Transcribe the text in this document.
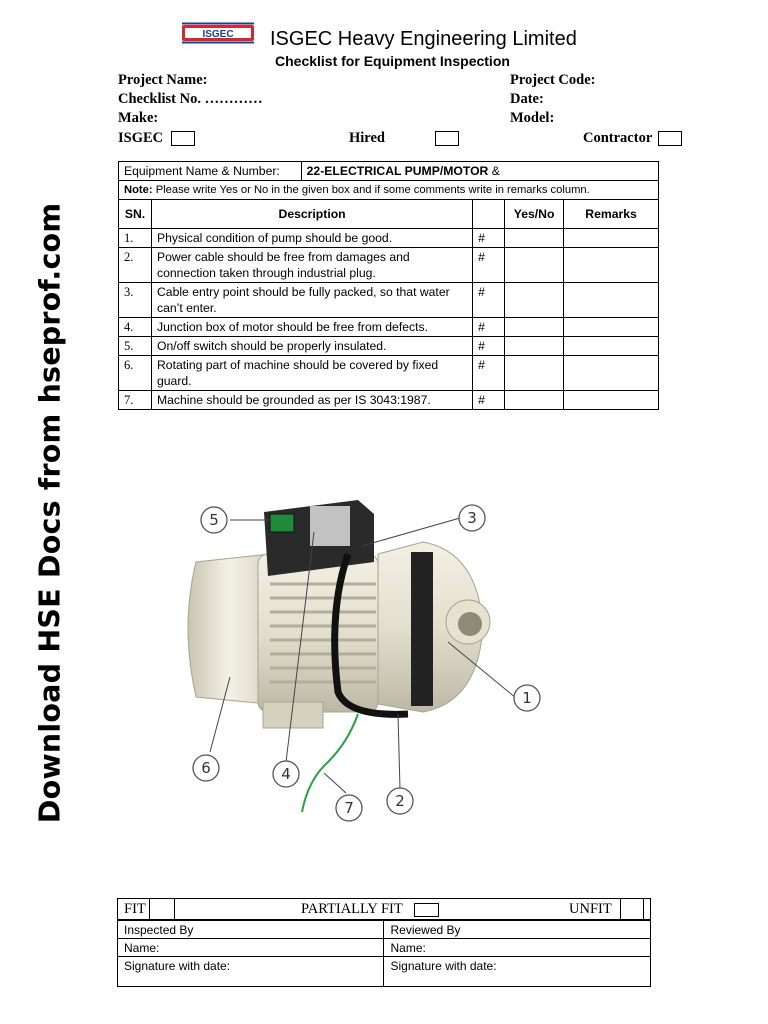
Download HSE Docs from hseprof.com
ISGEC ISGEC Heavy Engineering Limited
Checklist for Equipment Inspection
Project Name:	Project Code:
Checklist No. …………	Date:
Make:	Model:
ISGEC	Hired	Contractor
Equipment Name & Number:		22-ELECTRICAL PUMP/MOTOR &			
Note: Please write Yes or No in the given box and if some comments write in remarks column.					
SN.	Description			Yes/No	Remarks
1.	Physical condition of pump should be good.		#		
2.	Power cable should be free from damages and connection taken through industrial plug.		#		
3.	Cable entry point should be fully packed, so that water can’t enter.		#		
4.	Junction box of motor should be free from defects.		#		
5.	On/off switch should be properly insulated.		#		
6.	Rotating part of machine should be covered by fixed guard.		#		
7.	Machine should be grounded as per IS 3043:1987.		#		
5	3
1
2
4
6
7
FIT	PARTIALLY FIT	UNFIT
Inspected By	Reviewed By
Name:	Name:
Signature with date:	Signature with date:
